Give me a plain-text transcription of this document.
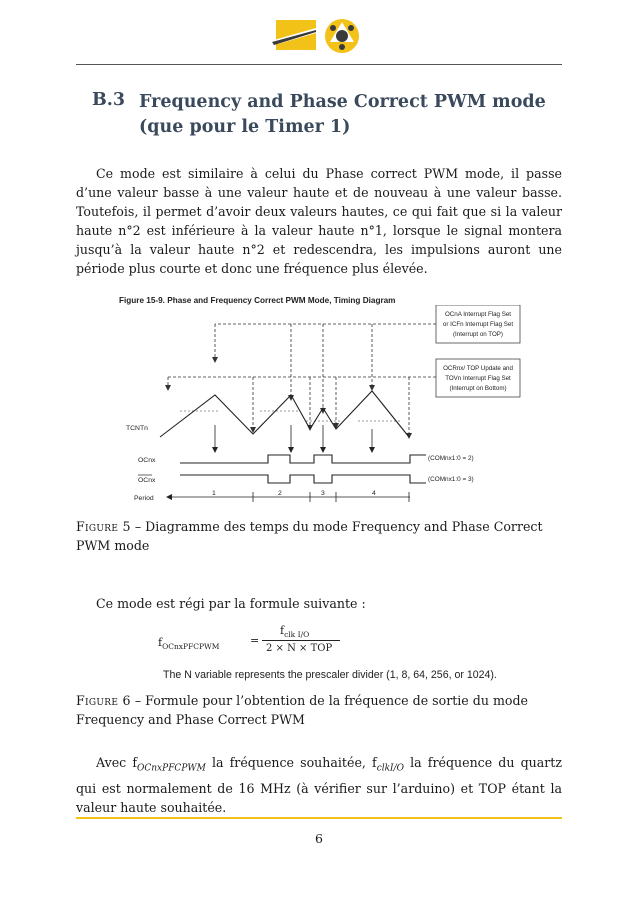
B.3 Frequency and Phase Correct PWM mode (que pour le Timer 1)
Ce mode est similaire à celui du Phase correct PWM mode, il passe d’une valeur basse à une valeur haute et de nouveau à une valeur basse. Toutefois, il permet d’avoir deux valeurs hautes, ce qui fait que si la valeur haute n°2 est inférieure à la valeur haute n°1, lorsque le signal montera jusqu’à la valeur haute n°2 et redescendra, les impulsions auront une période plus courte et donc une fréquence plus élevée.
Figure 15-9. Phase and Frequency Correct PWM Mode, Timing Diagram
OCnA Interrupt Flag Set
or ICFn Interrupt Flag Set
(Interrupt on TOP)
OCRnx/ TOP Update and
TOVn Interrupt Flag Set
(Interrupt on Bottom)
TCNTn
OCnx	(COMnx1:0 = 2)
OCnx	(COMnx1:0 = 3)
Period
1	2	3	4
Figure 5 – Diagramme des temps du mode Frequency and Phase Correct PWM mode
Ce mode est régi par la formule suivante :
$f_{OCnxPFCPWM}$	=
$f_{clk I/O}$
2 × N × TOP
The N variable represents the prescaler divider (1, 8, 64, 256, or 1024).
Figure 6 – Formule pour l’obtention de la fréquence de sortie du mode Frequency and Phase Correct PWM
Avec $f_{OCnxPFCPWM}$ la fréquence souhaitée, $f_{clkI/O}$ la fréquence du quartz qui est normalement de 16 MHz (à vérifier sur l’arduino) et TOP étant la valeur haute souhaitée.
6
